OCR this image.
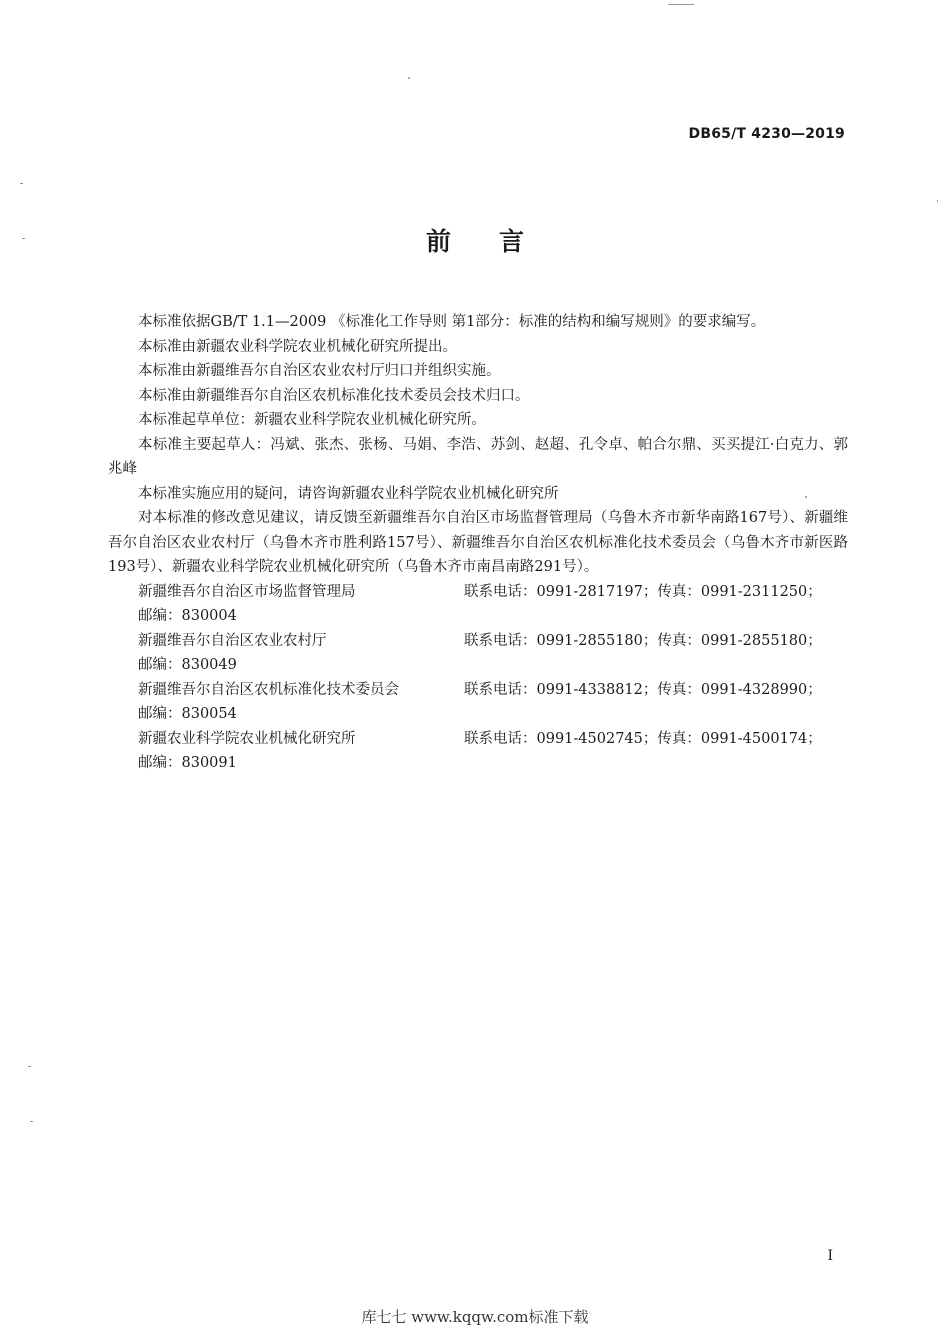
DB65/T 4230—2019
前 言

本标准依据GB/T 1.1—2009 《标准化工作导则 第1部分：标准的结构和编写规则》的要求编写。

本标准由新疆农业科学院农业机械化研究所提出。

本标准由新疆维吾尔自治区农业农村厅归口并组织实施。

本标准由新疆维吾尔自治区农机标准化技术委员会技术归口。

本标准起草单位：新疆农业科学院农业机械化研究所。

本标准主要起草人：冯斌、张杰、张杨、马娟、李浩、苏剑、赵超、孔令卓、帕合尔鼎、买买提江·白克力、郭兆峰

本标准实施应用的疑问，请咨询新疆农业科学院农业机械化研究所

对本标准的修改意见建议，请反馈至新疆维吾尔自治区市场监督管理局（乌鲁木齐市新华南路167号）、新疆维吾尔自治区农业农村厅（乌鲁木齐市胜利路157号）、新疆维吾尔自治区农机标准化技术委员会（乌鲁木齐市新医路193号）、新疆农业科学院农业机械化研究所（乌鲁木齐市南昌南路291号）。

新疆维吾尔自治区市场监督管理局	联系电话：0991-2817197；传真：0991-2311250；
邮编：830004
新疆维吾尔自治区农业农村厅	联系电话：0991-2855180；传真：0991-2855180；
邮编：830049
新疆维吾尔自治区农机标准化技术委员会	联系电话：0991-4338812；传真：0991-4328990；
邮编：830054
新疆农业科学院农业机械化研究所	联系电话：0991-4502745；传真：0991-4500174；
邮编：830091
I
库七七 www.kqqw.com标准下载
